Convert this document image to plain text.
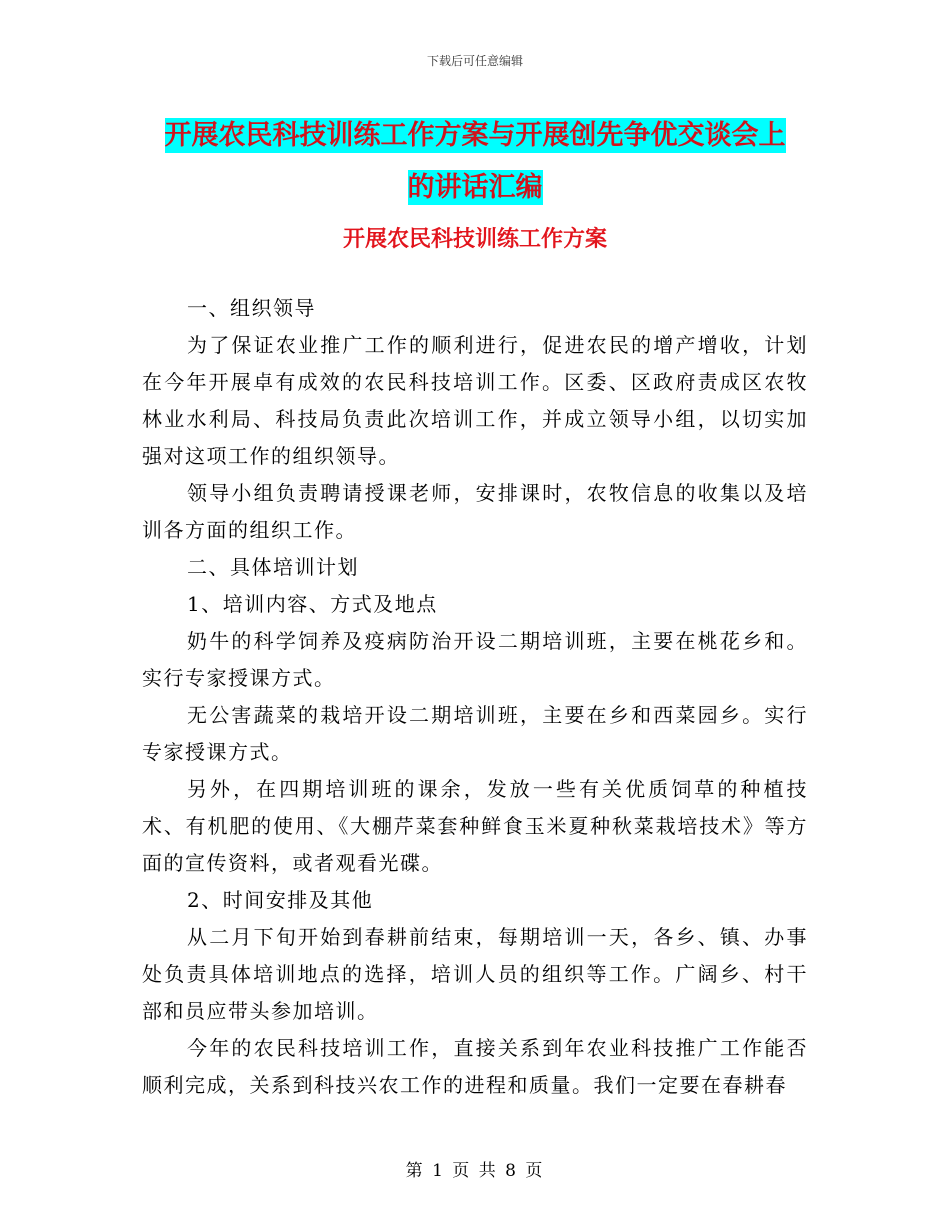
下载后可任意编辑
开展农民科技训练工作方案与开展创先争优交谈会上
的讲话汇编
开展农民科技训练工作方案

一、组织领导

为了保证农业推广工作的顺利进行，促进农民的增产增收，计划在今年开展卓有成效的农民科技培训工作。区委、区政府责成区农牧林业水利局、科技局负责此次培训工作，并成立领导小组，以切实加强对这项工作的组织领导。

领导小组负责聘请授课老师，安排课时，农牧信息的收集以及培训各方面的组织工作。

二、具体培训计划

1、培训内容、方式及地点

奶牛的科学饲养及疫病防治开设二期培训班，主要在桃花乡和。实行专家授课方式。

无公害蔬菜的栽培开设二期培训班，主要在乡和西菜园乡。实行专家授课方式。

另外，在四期培训班的课余，发放一些有关优质饲草的种植技术、有机肥的使用、《大棚芹菜套种鲜食玉米夏种秋菜栽培技术》等方面的宣传资料，或者观看光碟。

2、时间安排及其他

从二月下旬开始到春耕前结束，每期培训一天，各乡、镇、办事处负责具体培训地点的选择，培训人员的组织等工作。广阔乡、村干部和员应带头参加培训。

今年的农民科技培训工作，直接关系到年农业科技推广工作能否顺利完成，关系到科技兴农工作的进程和质量。我们一定要在春耕春

第 1 页 共 8 页
